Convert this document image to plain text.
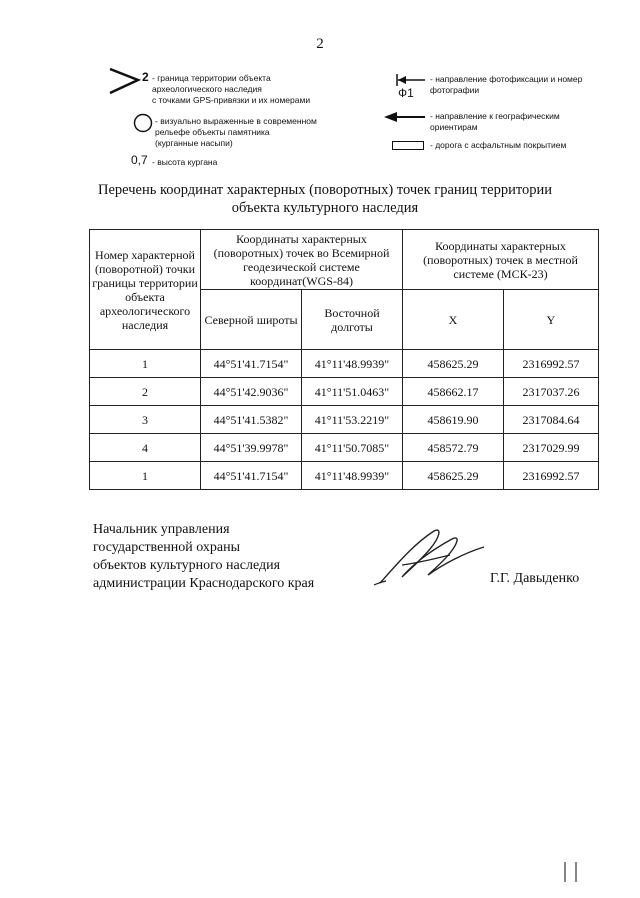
2
2 - граница территории объекта
археологического наследия
с точками GPS-привязки и их номерами
- визуально выраженные в современном
рельефе объекты памятника
(курганные насыпи)
0,7 - высота кургана
Ф1
- направление фотофиксации и номер
фотографии
- направление к географическим
ориентирам
- дорога с асфальтным покрытием
Перечень координат характерных (поворотных) точек границ территории
объекта культурного наследия
Номер характерной (поворотной) точки границы территории объекта археологического наследия	Координаты характерных (поворотных) точек во Всемирной геодезической системе координат(WGS-84)		Координаты характерных (поворотных) точек в местной системе (МСК-23)	
	Северной широты	Восточной долготы	X	Y
1	44°51'41.7154"	41°11'48.9939"	458625.29	2316992.57
2	44°51'42.9036"	41°11'51.0463"	458662.17	2317037.26
3	44°51'41.5382"	41°11'53.2219"	458619.90	2317084.64
4	44°51'39.9978"	41°11'50.7085"	458572.79	2317029.99
1	44°51'41.7154"	41°11'48.9939"	458625.29	2316992.57
Начальник управления
государственной охраны
объектов культурного наследия
администрации Краснодарского края	Г.Г. Давыденко
